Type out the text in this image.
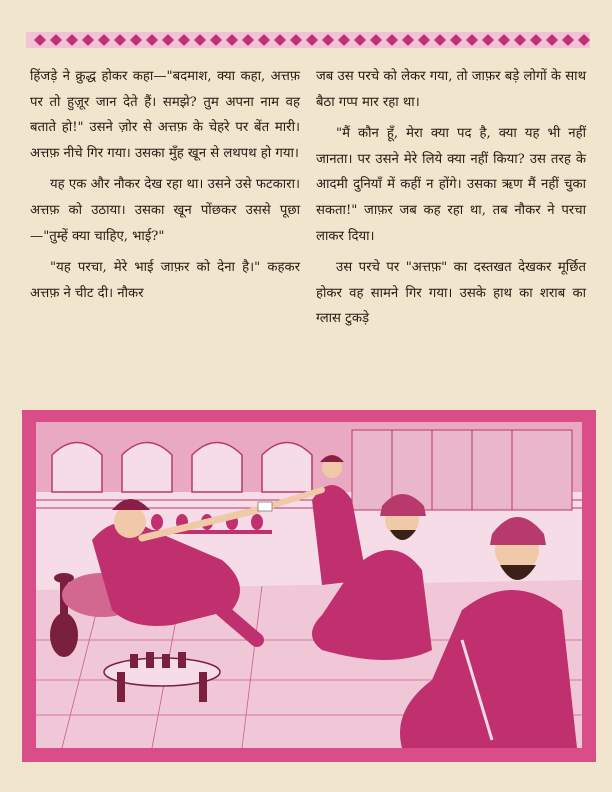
हिंजड़े ने क्रुद्ध होकर कहा—"बदमाश, क्या कहा, अत्तफ़ पर तो हुज़ूर जान देते हैं। समझे? तुम अपना नाम वह बताते हो!" उसने ज़ोर से अत्तफ़ के चेहरे पर बेंत मारी। अत्तफ़ नीचे गिर गया। उसका मुँह खून से लथपथ हो गया।

यह एक और नौकर देख रहा था। उसने उसे फटकारा। अत्तफ़ को उठाया। उसका खून पोंछकर उससे पूछा—"तुम्हें क्या चाहिए, भाई?"

"यह परचा, मेरे भाई जाफ़र को देना है।" कहकर अत्तफ़ ने चीट दी। नौकर

जब उस परचे को लेकर गया, तो जाफ़र बड़े लोगों के साथ बैठा गप्प मार रहा था।

"मैं कौन हूँ, मेरा क्या पद है, क्या यह भी नहीं जानता। पर उसने मेरे लिये क्या नहीं किया? उस तरह के आदमी दुनियाँ में कहीं न होंगे। उसका ऋण मैं नहीं चुका सकता!" जाफ़र जब कह रहा था, तब नौकर ने परचा लाकर दिया।

उस परचे पर "अत्तफ़" का दस्तखत देखकर मूर्छित होकर वह सामने गिर गया। उसके हाथ का शराब का ग्लास टुकड़े
